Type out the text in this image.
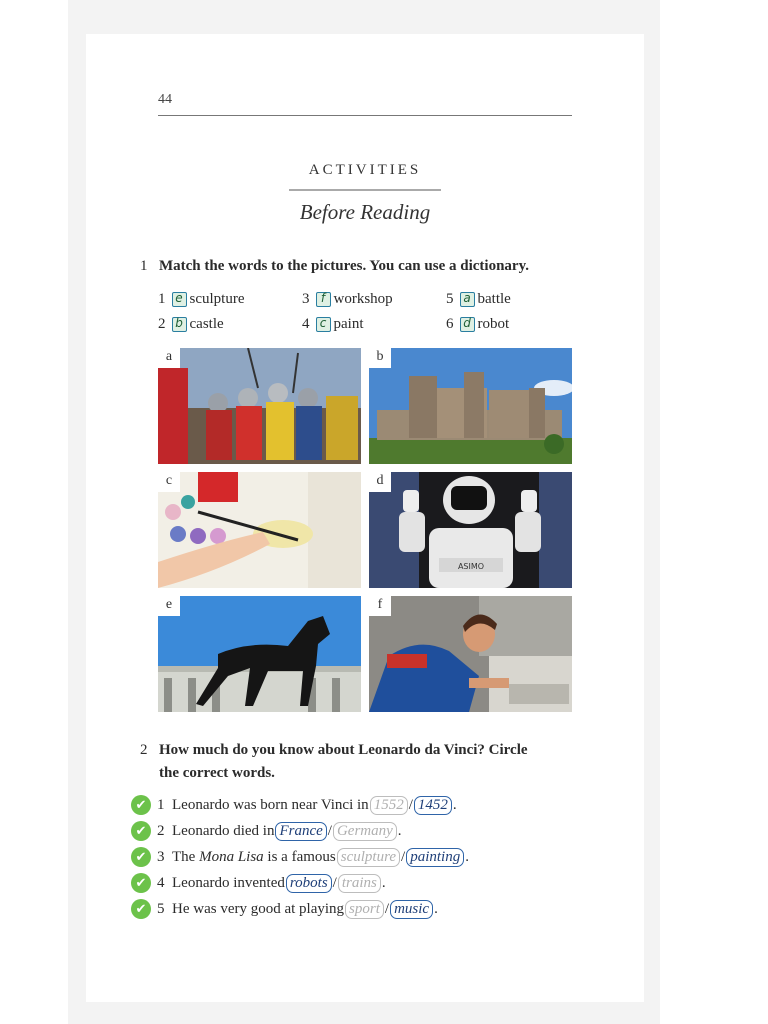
44
ACTIVITIES
Before Reading
1 Match the words to the pictures. You can use a dictionary.
1 e sculpture	3 f workshop	5 a battle
2 b castle	4 c paint	6 d robot
a	b
c
ASIMO
d
e	f
2 How much do you know about Leonardo da Vinci? Circle
the correct words.
✔ 1
Leonardo was born near Vinci in 1552 / 1452 .
✔ 2
Leonardo died in France / Germany .
✔ 3
The Mona Lisa is a famous sculpture / painting .
✔ 4
Leonardo invented robots / trains .
✔ 5
He was very good at playing sport / music .
